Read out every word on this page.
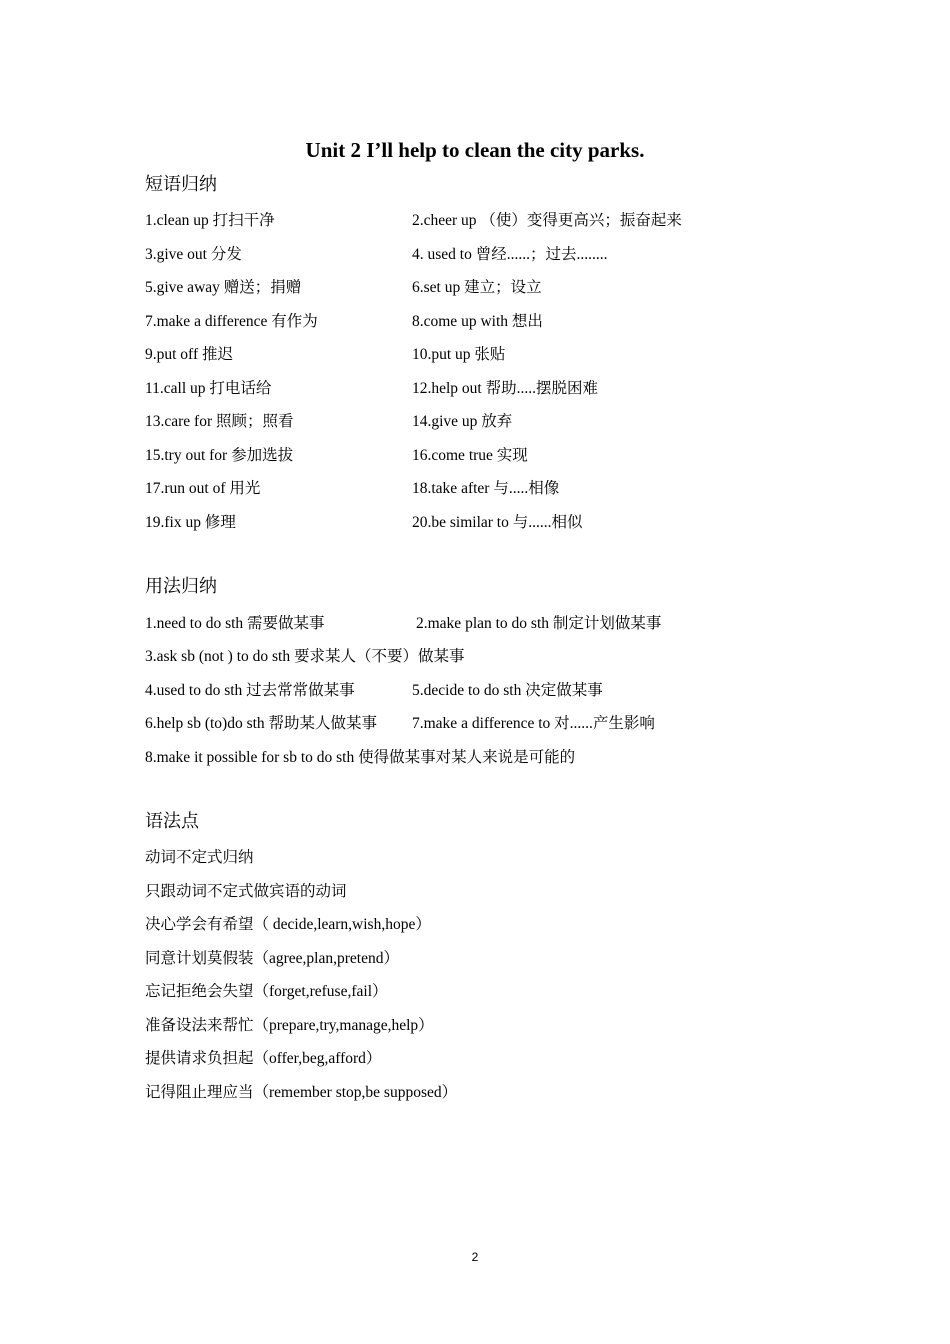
Unit 2 I’ll help to clean the city parks.
短语归纳
1.clean up 打扫干净	2.cheer up （使）变得更高兴；振奋起来
3.give out 分发	4. used to 曾经......；过去........
5.give away 赠送；捐赠	6.set up 建立；设立
7.make a difference 有作为	8.come up with 想出
9.put off 推迟	10.put up 张贴
11.call up 打电话给	12.help out 帮助.....摆脱困难
13.care for 照顾；照看	14.give up 放弃
15.try out for 参加选拔	16.come true 实现
17.run out of 用光	18.take after 与.....相像
19.fix up 修理	20.be similar to 与......相似
用法归纳
1.need to do sth 需要做某事	2.make plan to do sth 制定计划做某事
3.ask sb (not ) to do sth 要求某人（不要）做某事
4.used to do sth 过去常常做某事	5.decide to do sth 决定做某事
6.help sb (to)do sth 帮助某人做某事 7.make a difference to 对......产生影响
8.make it possible for sb to do sth 使得做某事对某人来说是可能的
语法点
动词不定式归纳
只跟动词不定式做宾语的动词
决心学会有希望（ decide,learn,wish,hope）
同意计划莫假装（agree,plan,pretend）
忘记拒绝会失望（forget,refuse,fail）
准备设法来帮忙（prepare,try,manage,help）
提供请求负担起（offer,beg,afford）
记得阻止理应当（remember stop,be supposed）
2
